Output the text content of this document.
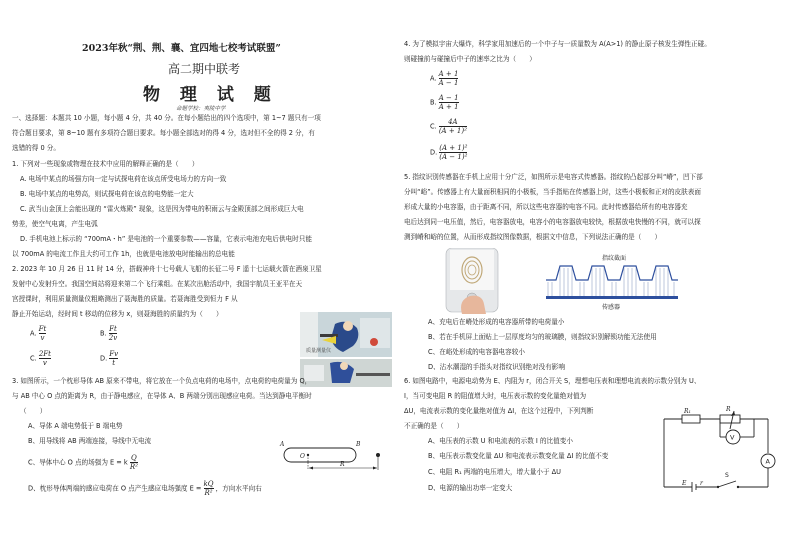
2023年秋“荆、荆、襄、宜四地七校考试联盟”
高二期中联考
物 理 试 题
命题学校：夷陵中学
一、选择题：本题共 10 小题，每小题 4 分，共 40 分。在每小题给出的四个选项中，第 1~7 题只有一项
符合题目要求，第 8~10 题有多项符合题目要求。每小题全部选对的得 4 分，选对但不全的得 2 分，有
选错的得 0 分。
1. 下列对一些现象或物理在技术中应用的解释正确的是（　　）
A. 电场中某点的场强方向一定与试探电荷在该点所受电场力的方向一致
B. 电场中某点的电势高，则试探电荷在该点的电势能一定大
C. 武当山金顶上会能出现的 “雷火炼殿” 现象，这是因为带电的积雨云与金殿顶部之间形成巨大电
势差，使空气电离，产生电弧
D. 手机电池上标示的 “700mA・h” 是电池的一个重要参数——容量，它表示电池充电后供电时只能
以 700mA 的电流工作且大约可工作 1h，也就是电池放电时能输出的总电能
2. 2023 年 10 月 26 日 11 时 14 分，搭载神舟十七号载人飞船的长征二号 F 遥十七运载火箭在酒泉卫星
发射中心发射升空。我国空间站将迎来第二个飞行乘组。在某次出舱活动中，我国宇航员王亚平在天
宫授课时，利用质量测量仪粗略测出了聂海胜的质量。若聂海胜受到恒力 F 从
静止开始运动，经时间 t 移动的位移为 x，则聂海胜的质量约为（　　）
A. $\frac{Ft}{v}$	B. $\frac{Ft}{2v}$
C. $\frac{2Ft}{v}$	D. $\frac{Fv}{t}$	质量测量仪
3. 如图所示，一个枕形导体 AB 原来不带电，将它放在一个负点电荷的电场中，点电荷的电荷量为 Q，
与 AB 中心 O 点的距离为 R，由于静电感应，在导体 A、B 两端分别出现感应电荷。当达到静电平衡时
（　　）
A、导体 A 端电势低于 B 端电势
B、用导线将 AB 两端连接，导线中无电流
C、导体中心 O 点的场强为 E = k $\frac{Q}{\text{R²}}$
D、枕形导体两端的感应电荷在 O 点产生感应电场强度 $E = \frac{kQ}{\text{R²}}$ ，方向水平向右
A	B
O
R
4. 为了模拟宇宙大爆炸，科学家用加速后的一个中子与一质量数为 A(A>1) 的静止原子核发生弹性正碰。
则碰撞前与碰撞后中子的速率之比为（　　）
A. $\frac{A + 1}{A - 1}$
B. $\frac{A - 1}{A + 1}$
C. $\frac{4A}{\text{(A + 1)²}}$
D. $\frac{\text{(A + 1)²}}{\text{(A − 1)²}}$
5. 指纹识别传感器在手机上应用十分广泛，如图所示是电容式传感器。指纹的凸起部分叫“嵴”，凹下部
分叫“峪”。传感器上有大量面积相同的小极板，当手指贴在传感器上时，这些小极板和正对的皮肤表面
形成大量的小电容器，由于距离不同，所以这些电容器的电容不同。此时传感器给所有的电容器充
电后达到同一电压值，然后，电容器放电，电容小的电容器放电较快，根据放电快慢的不同，就可以探
测到嵴和峪的位置，从而形成指纹图像数据，根据文中信息，下列说法正确的是（　　）
指纹截面
传感器
A、充电后在嵴处形成的电容器所带的电荷量小
B、若在手机屏上面贴上一层厚度均匀的玻璃膜，则指纹识别解锁功能无法使用
C、在峪处形成的电容器电容较小
D、沾水潮湿的手指头对指纹识别绝对没有影响
6. 如图电路中，电源电动势为 E、内阻为 r，闭合开关 S，理想电压表和理想电流表的示数分别为 U、
I，当可变电阻 R 的阻值增大时，电压表示数的变化量绝对值为
ΔU，电流表示数的变化量绝对值为 ΔI，在这个过程中，下列判断
不正确的是（　　）
A、电压表的示数 U 和电流表的示数 I 的比值变小
B、电压表示数变化量 ΔU 和电流表示数变化量 ΔI 的比值不变
C、电阻 R₁ 两端的电压增大，增大量小于 ΔU
D、电源的输出功率一定变大
R₁	R
V
A
S
E r
